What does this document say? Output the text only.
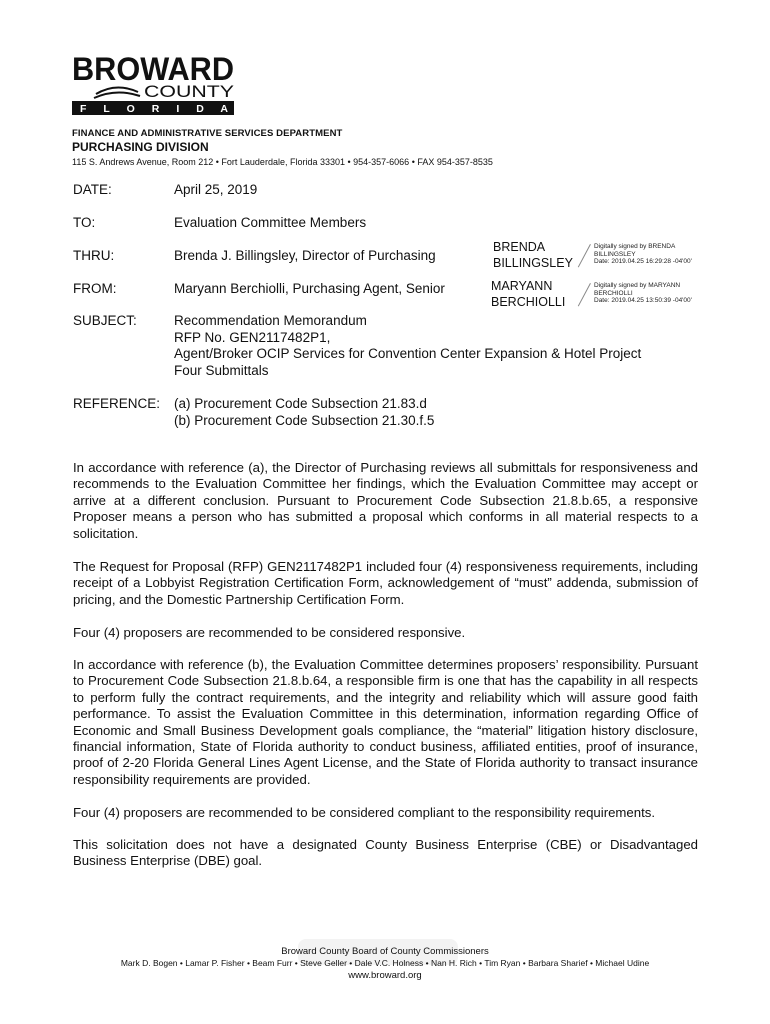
BROWARD
COUNTY
F L O R I D A
FINANCE AND ADMINISTRATIVE SERVICES DEPARTMENT
PURCHASING DIVISION
115 S. Andrews Avenue, Room 212 • Fort Lauderdale, Florida 33301 • 954-357-6066 • FAX 954-357-8535
DATE:	April 25, 2019
TO:	Evaluation Committee Members
THRU:	Brenda J. Billingsley, Director of Purchasing
FROM:	Maryann Berchiolli, Purchasing Agent, Senior
SUBJECT:	Recommendation Memorandum
RFP No. GEN2117482P1,
Agent/Broker OCIP Services for Convention Center Expansion & Hotel Project
Four Submittals
REFERENCE: (a) Procurement Code Subsection 21.83.d
(b) Procurement Code Subsection 21.30.f.5
BRENDA
BILLINGSLEY
Digitally signed by BRENDA
BILLINGSLEY
Date: 2019.04.25 16:29:28 -04'00'
MARYANN
BERCHIOLLI
Digitally signed by MARYANN
BERCHIOLLI
Date: 2019.04.25 13:50:39 -04'00'
In accordance with reference (a), the Director of Purchasing reviews all submittals for responsiveness and recommends to the Evaluation Committee her findings, which the Evaluation Committee may accept or arrive at a different conclusion. Pursuant to Procurement Code Subsection 21.8.b.65, a responsive Proposer means a person who has submitted a proposal which conforms in all material respects to a solicitation.
The Request for Proposal (RFP) GEN2117482P1 included four (4) responsiveness requirements, including receipt of a Lobbyist Registration Certification Form, acknowledgement of “must” addenda, submission of pricing, and the Domestic Partnership Certification Form.
Four (4) proposers are recommended to be considered responsive.
In accordance with reference (b), the Evaluation Committee determines proposers’ responsibility. Pursuant to Procurement Code Subsection 21.8.b.64, a responsible firm is one that has the capability in all respects to perform fully the contract requirements, and the integrity and reliability which will assure good faith performance. To assist the Evaluation Committee in this determination, information regarding Office of Economic and Small Business Development goals compliance, the “material” litigation history disclosure, financial information, State of Florida authority to conduct business, affiliated entities, proof of insurance, proof of 2-20 Florida General Lines Agent License, and the State of Florida authority to transact insurance responsibility requirements are provided.
Four (4) proposers are recommended to be considered compliant to the responsibility requirements.
This solicitation does not have a designated County Business Enterprise (CBE) or Disadvantaged Business Enterprise (DBE) goal.
Broward County Board of County Commissioners
Mark D. Bogen • Lamar P. Fisher • Beam Furr • Steve Geller • Dale V.C. Holness • Nan H. Rich • Tim Ryan • Barbara Sharief • Michael Udine
www.broward.org
